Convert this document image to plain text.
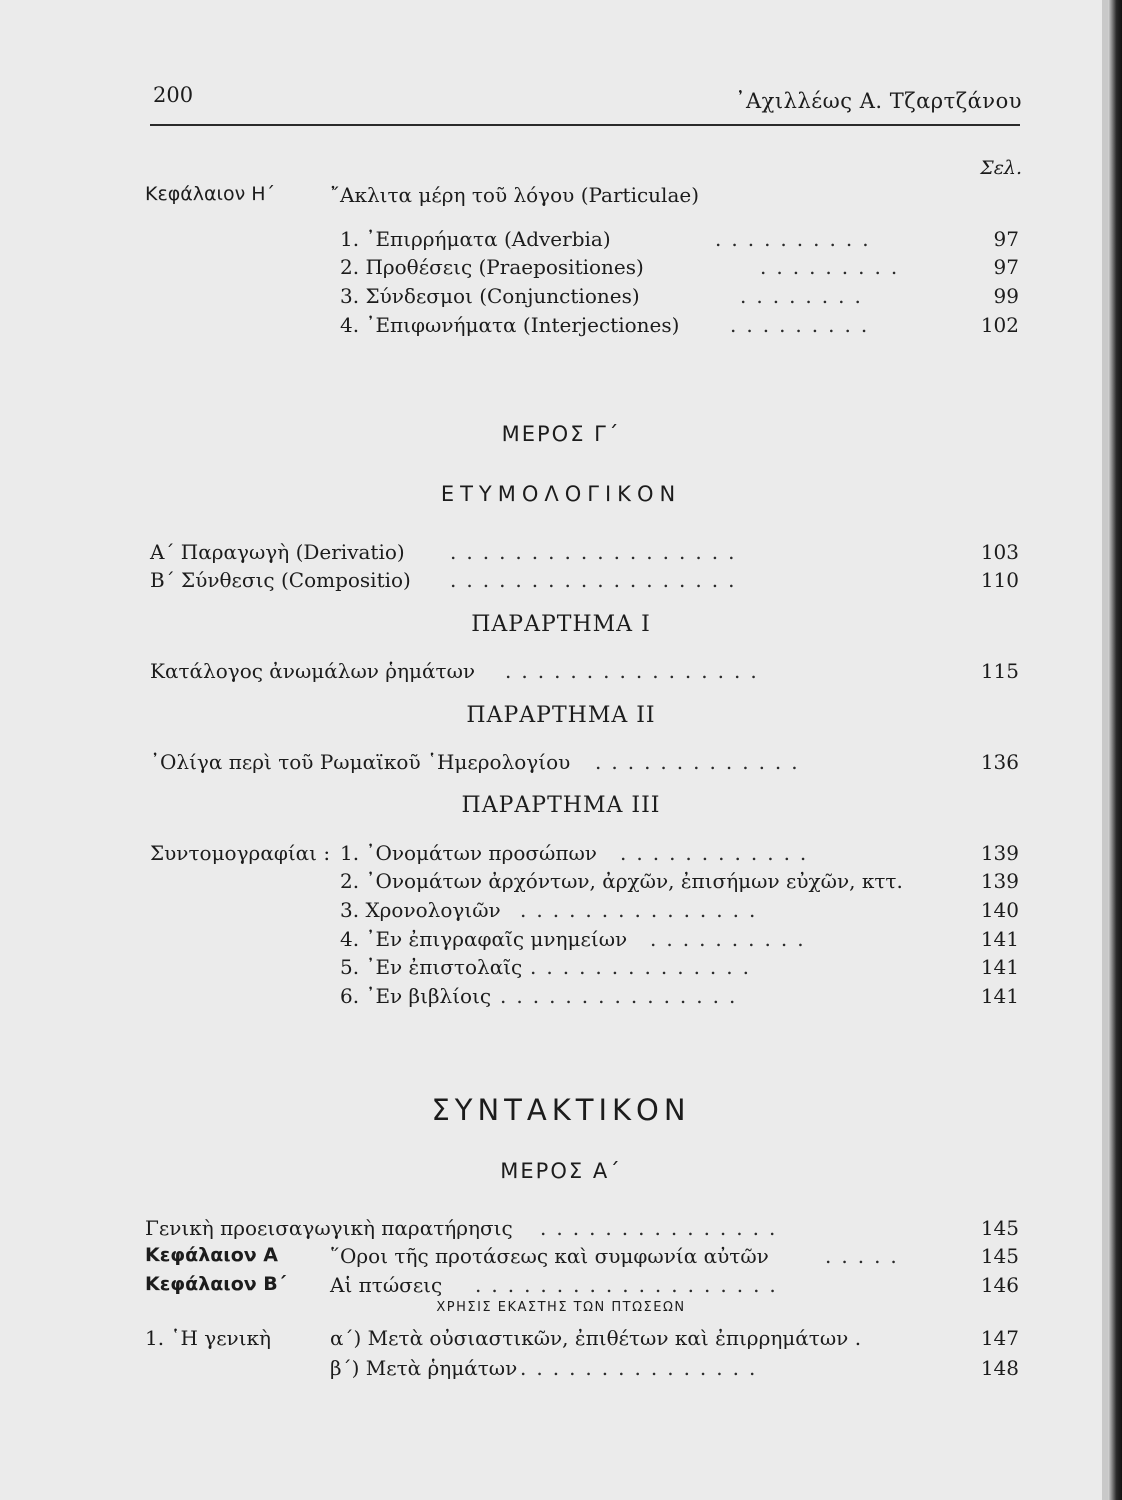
200	᾿Αχιλλέως Α. Τζαρτζάνου
Σελ.
Κεφάλαιον Η΄	῎Ακλιτα μέρη τοῦ λόγου (Particulae)
1. ᾿Επιρρήματα (Adverbia)	..........	97
2. Προθέσεις (Praepositiones)	.........	97
3. Σύνδεσμοι (Conjunctiones)	........	99
4. ᾿Επιφωνήματα (Interjectiones)	.........	102
ΜΕΡΟΣ Γ΄
ΕΤΥΜΟΛΟΓΙΚΟΝ
Α΄ Παραγωγὴ (Derivatio) ..................	103
Β΄ Σύνθεσις (Compositio) ..................	110
ΠΑΡΑΡΤΗΜΑ Ι
Κατάλογος ἀνωμάλων ῥημάτων ................	115
ΠΑΡΑΡΤΗΜΑ ΙΙ
᾿Ολίγα περὶ τοῦ Ρωμαϊκοῦ ῾Ημερολογίου .............	136
ΠΑΡΑΡΤΗΜΑ ΙΙΙ
Συντομογραφίαι : 1. ᾿Ονομάτων προσώπων ............	139
2. ᾿Ονομάτων ἀρχόντων, ἀρχῶν, ἐπισήμων εὐχῶν, κττ.	139
3. Χρονολογιῶν ...............	140
4. ᾿Εν ἐπιγραφαῖς μνημείων ..........	141
5. ᾿Εν ἐπιστολαῖς ..............	141
6. ᾿Εν βιβλίοις ...............	141
ΣΥΝΤΑΚΤΙΚΟΝ
ΜΕΡΟΣ Α΄
Γενικὴ προεισαγωγικὴ παρατήρησις ...............	145
Κεφάλαιον Α	῞Οροι τῆς προτάσεως καὶ συμφωνία αὐτῶν	.....	145
Κεφάλαιον Β΄ Αἱ πτώσεις ...................	146
ΧΡΗΣΙΣ ΕΚΑΣΤΗΣ ΤΩΝ ΠΤΩΣΕΩΝ
1. ῾Η γενικὴ	α΄) Μετὰ οὐσιαστικῶν, ἐπιθέτων καὶ ἐπιρρημάτων .	147
β΄) Μετὰ ῥημάτων ...............	148
